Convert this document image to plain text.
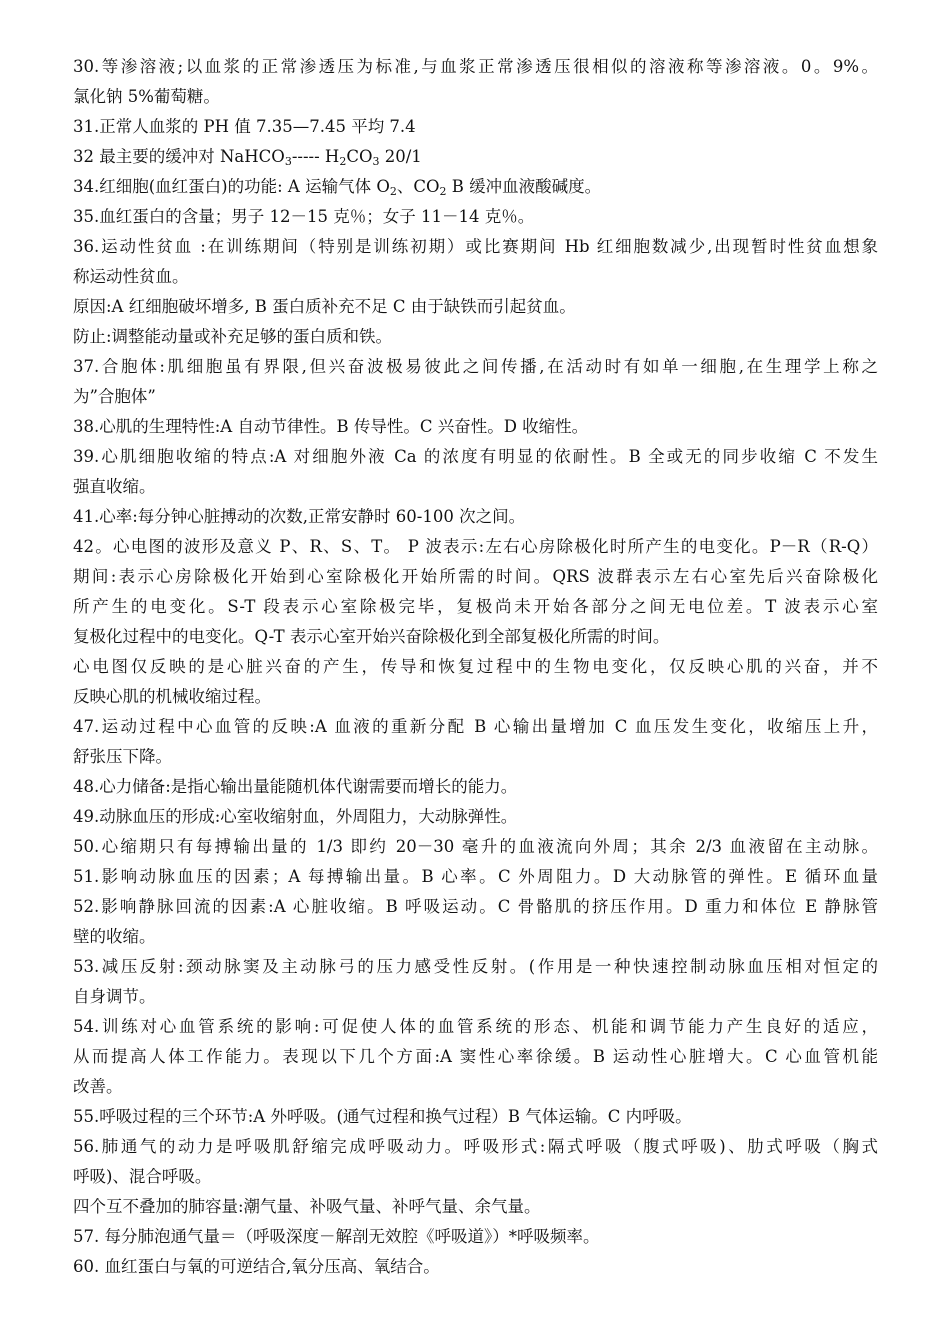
30.等渗溶液;以血浆的正常渗透压为标准,与血浆正常渗透压很相似的溶液称等渗溶液。0。9%。
氯化钠 5%葡萄糖。
31.正常人血浆的 PH 值 7.35—7.45 平均 7.4
32 最主要的缓冲对 NaHCO$_3$----- $H_2CO_3$ 20/1
34.红细胞(血红蛋白)的功能: A 运输气体 $O_2$、$CO_2$ B 缓冲血液酸碱度。
35.血红蛋白的含量；男子 12－15 克％；女子 11－14 克％。
36.运动性贫血 :在训练期间（特别是训练初期）或比赛期间 Hb 红细胞数减少,出现暂时性贫血想象
称运动性贫血。
原因:A 红细胞破坏增多, B 蛋白质补充不足 C 由于缺铁而引起贫血。
防止:调整能动量或补充足够的蛋白质和铁。
37.合胞体:肌细胞虽有界限,但兴奋波极易彼此之间传播,在活动时有如单一细胞,在生理学上称之
为”合胞体”
38.心肌的生理特性:A 自动节律性。B 传导性。C 兴奋性。D 收缩性。
39.心肌细胞收缩的特点:A 对细胞外液 Ca 的浓度有明显的依耐性。B 全或无的同步收缩 C 不发生
强直收缩。
41.心率:每分钟心脏搏动的次数,正常安静时 60-100 次之间。
42。心电图的波形及意义 P、R、S、T。 P 波表示:左右心房除极化时所产生的电变化。P－R（R-Q）
期间:表示心房除极化开始到心室除极化开始所需的时间。QRS 波群表示左右心室先后兴奋除极化
所产生的电变化。S-T 段表示心室除极完毕，复极尚未开始各部分之间无电位差。T 波表示心室
复极化过程中的电变化。Q-T 表示心室开始兴奋除极化到全部复极化所需的时间。
心电图仅反映的是心脏兴奋的产生，传导和恢复过程中的生物电变化，仅反映心肌的兴奋，并不
反映心肌的机械收缩过程。
47.运动过程中心血管的反映:A 血液的重新分配 B 心输出量增加 C 血压发生变化，收缩压上升，
舒张压下降。
48.心力储备:是指心输出量能随机体代谢需要而增长的能力。
49.动脉血压的形成:心室收缩射血，外周阻力，大动脉弹性。
50.心缩期只有每搏输出量的 1/3 即约 20－30 毫升的血液流向外周；其余 2/3 血液留在主动脉。
51.影响动脉血压的因素；A 每搏输出量。B 心率。C 外周阻力。D 大动脉管的弹性。E 循环血量
52.影响静脉回流的因素:A 心脏收缩。B 呼吸运动。C 骨骼肌的挤压作用。D 重力和体位 E 静脉管
壁的收缩。
53.减压反射:颈动脉窦及主动脉弓的压力感受性反射。(作用是一种快速控制动脉血压相对恒定的
自身调节。
54.训练对心血管系统的影响:可促使人体的血管系统的形态、机能和调节能力产生良好的适应，
从而提高人体工作能力。表现以下几个方面:A 窦性心率徐缓。B 运动性心脏增大。C 心血管机能
改善。
55.呼吸过程的三个环节:A 外呼吸。(通气过程和换气过程）B 气体运输。C 内呼吸。
56.肺通气的动力是呼吸肌舒缩完成呼吸动力。呼吸形式:隔式呼吸（腹式呼吸)、肋式呼吸（胸式
呼吸)、混合呼吸。
四个互不叠加的肺容量:潮气量、补吸气量、补呼气量、余气量。
57. 每分肺泡通气量＝（呼吸深度－解剖无效腔《呼吸道》）*呼吸频率。
60. 血红蛋白与氧的可逆结合,氧分压高、氧结合。
